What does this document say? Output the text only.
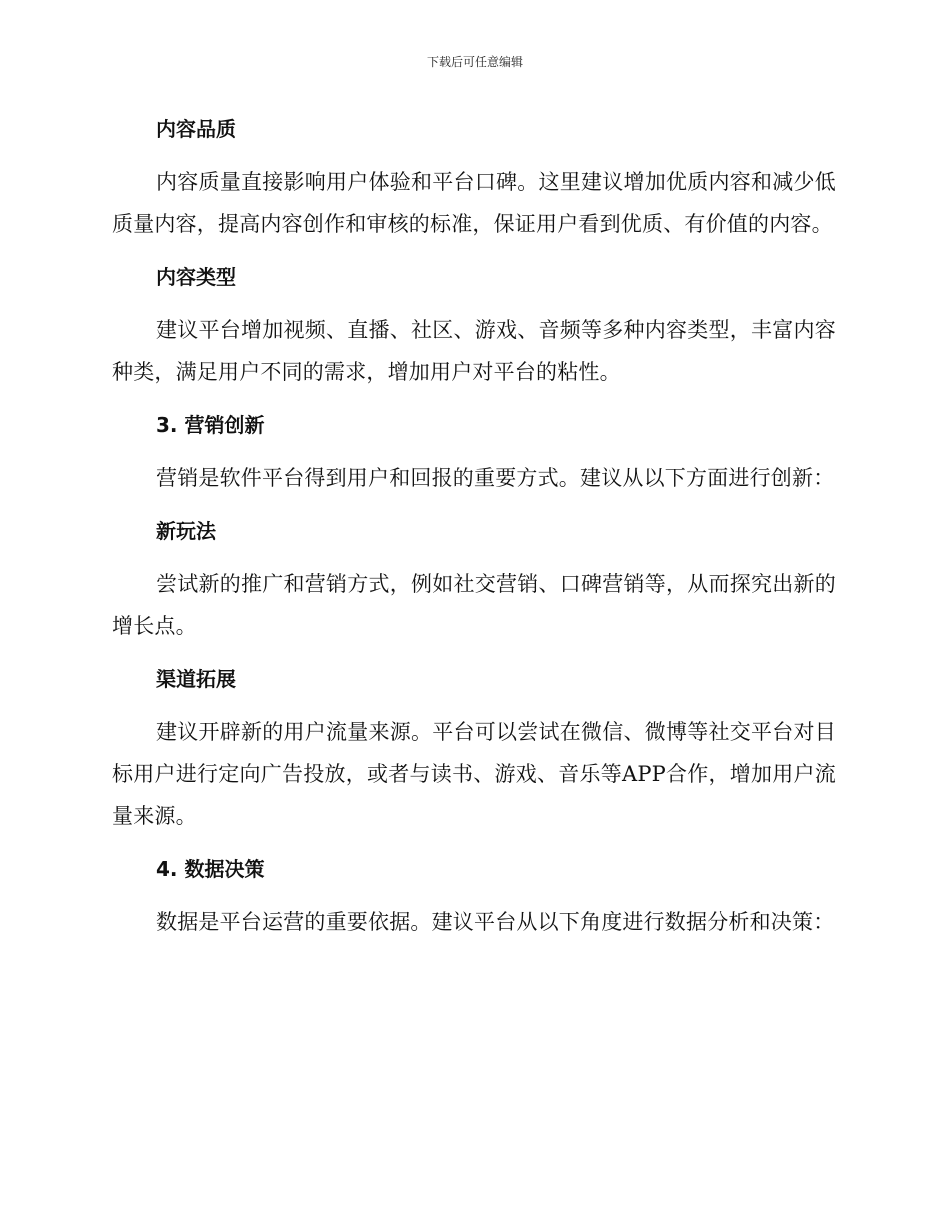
下载后可任意编辑
内容品质

内容质量直接影响用户体验和平台口碑。这里建议增加优质内容和减少低质量内容，提高内容创作和审核的标准，保证用户看到优质、有价值的内容。

内容类型

建议平台增加视频、直播、社区、游戏、音频等多种内容类型，丰富内容种类，满足用户不同的需求，增加用户对平台的粘性。

3. 营销创新

营销是软件平台得到用户和回报的重要方式。建议从以下方面进行创新：

新玩法

尝试新的推广和营销方式，例如社交营销、口碑营销等，从而探究出新的增长点。

渠道拓展

建议开辟新的用户流量来源。平台可以尝试在微信、微博等社交平台对目标用户进行定向广告投放，或者与读书、游戏、音乐等APP合作，增加用户流量来源。

4. 数据决策

数据是平台运营的重要依据。建议平台从以下角度进行数据分析和决策：
